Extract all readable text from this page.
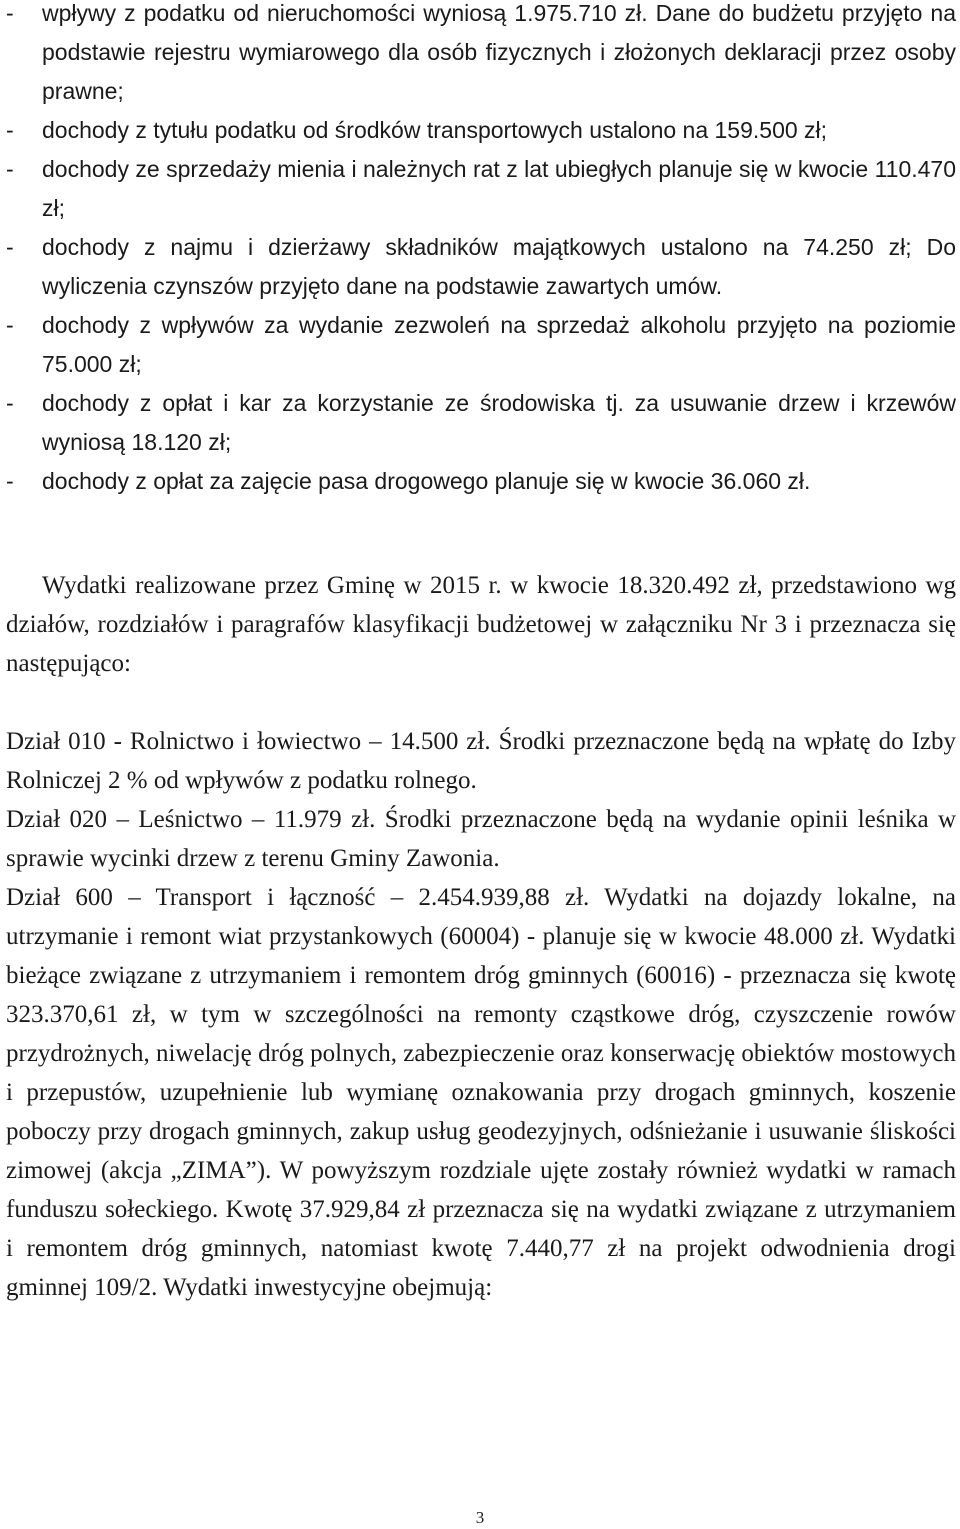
- wpływy z podatku od nieruchomości wyniosą 1.975.710 zł. Dane do budżetu przyjęto na podstawie rejestru wymiarowego dla osób fizycznych i złożonych deklaracji przez osoby prawne;
- dochody z tytułu podatku od środków transportowych ustalono na 159.500 zł;
- dochody ze sprzedaży mienia i należnych rat z lat ubiegłych planuje się w kwocie 110.470 zł;
- dochody z najmu i dzierżawy składników majątkowych ustalono na 74.250 zł; Do wyliczenia czynszów przyjęto dane na podstawie zawartych umów.
- dochody z wpływów za wydanie zezwoleń na sprzedaż alkoholu przyjęto na poziomie 75.000 zł;
- dochody z opłat i kar za korzystanie ze środowiska tj. za usuwanie drzew i krzewów wyniosą 18.120 zł;
- dochody z opłat za zajęcie pasa drogowego planuje się w kwocie 36.060 zł.
Wydatki realizowane przez Gminę w 2015 r. w kwocie 18.320.492 zł, przedstawiono wg działów, rozdziałów i paragrafów klasyfikacji budżetowej w załączniku Nr 3 i przeznacza się następująco:
Dział 010 - Rolnictwo i łowiectwo – 14.500 zł. Środki przeznaczone będą na wpłatę do Izby Rolniczej 2 % od wpływów z podatku rolnego.
Dział 020 – Leśnictwo – 11.979 zł. Środki przeznaczone będą na wydanie opinii leśnika w sprawie wycinki drzew z terenu Gminy Zawonia.
Dział 600 – Transport i łączność – 2.454.939,88 zł. Wydatki na dojazdy lokalne, na utrzymanie i remont wiat przystankowych (60004) - planuje się w kwocie 48.000 zł. Wydatki bieżące związane z utrzymaniem i remontem dróg gminnych (60016) - przeznacza się kwotę 323.370,61 zł, w tym w szczególności na remonty cząstkowe dróg, czyszczenie rowów przydrożnych, niwelację dróg polnych, zabezpieczenie oraz konserwację obiektów mostowych i przepustów, uzupełnienie lub wymianę oznakowania przy drogach gminnych, koszenie poboczy przy drogach gminnych, zakup usług geodezyjnych, odśnieżanie i usuwanie śliskości zimowej (akcja „ZIMA”). W powyższym rozdziale ujęte zostały również wydatki w ramach funduszu sołeckiego. Kwotę 37.929,84 zł przeznacza się na wydatki związane z utrzymaniem i remontem dróg gminnych, natomiast kwotę 7.440,77 zł na projekt odwodnienia drogi gminnej 109/2. Wydatki inwestycyjne obejmują:
3
